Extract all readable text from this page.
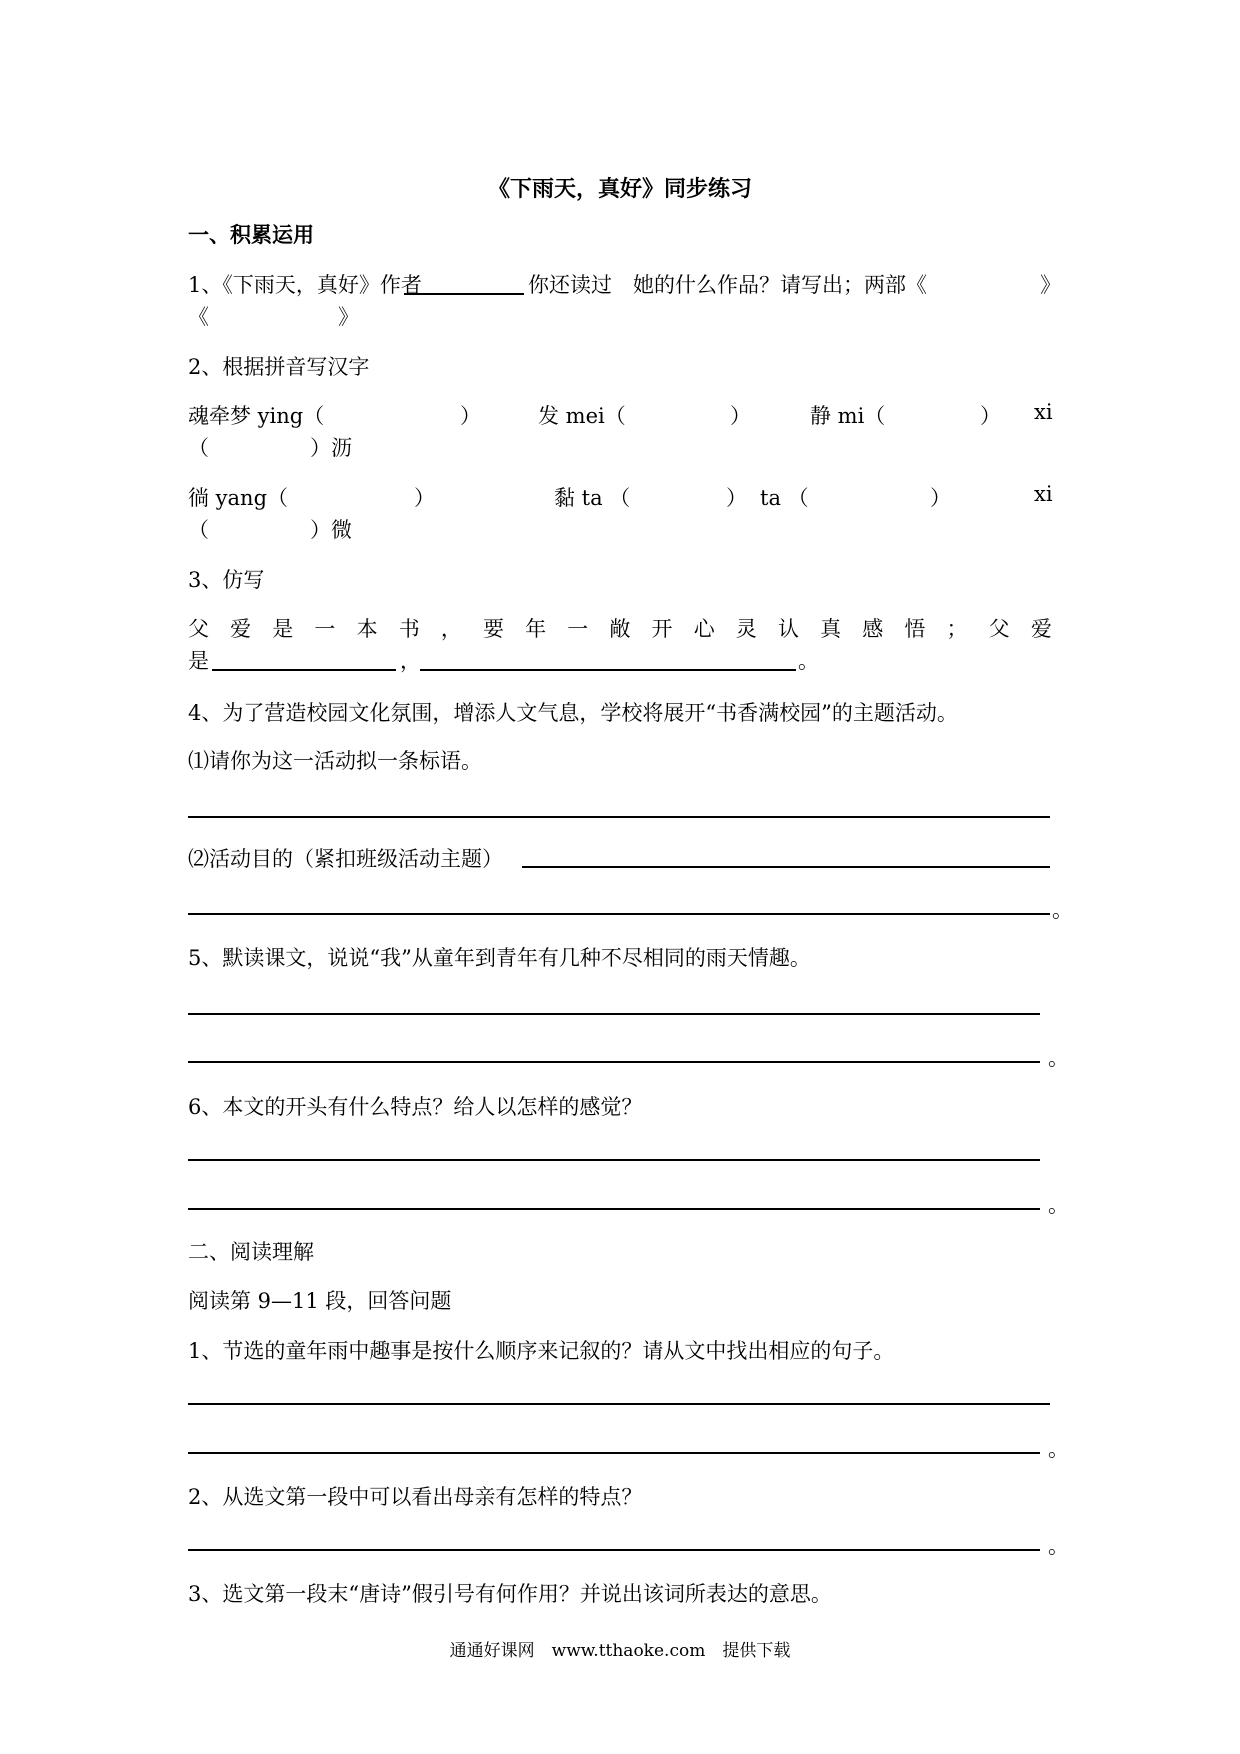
《下雨天，真好》同步练习
一、积累运用
1、《下雨天，真好》作者	你还读过　她的什么作品？请写出；两部《	》
《	》
2、根据拼音写汉字
魂牵梦 ying（	）	发 mei（	）	静 mi（	） xi
（	）沥
徜 yang（	）	黏 ta （	） ta （	）	xi
（	）微
3、仿写
父 爱 是 一 本 书 ， 要 年 一 敞 开 心 灵 认 真 感 悟 ； 父 爱
是	，	。
4、为了营造校园文化氛围，增添人文气息，学校将展开“书香满校园”的主题活动。
⑴请你为这一活动拟一条标语。
⑵活动目的（紧扣班级活动主题）
。
5、默读课文，说说“我”从童年到青年有几种不尽相同的雨天情趣。
。
6、本文的开头有什么特点？给人以怎样的感觉？
。
二、阅读理解
阅读第 9—11 段，回答问题
1、节选的童年雨中趣事是按什么顺序来记叙的？请从文中找出相应的句子。
。
2、从选文第一段中可以看出母亲有怎样的特点？
。
3、选文第一段末“唐诗”假引号有何作用？并说出该词所表达的意思。
通通好课网　www.tthaoke.com　提供下载
